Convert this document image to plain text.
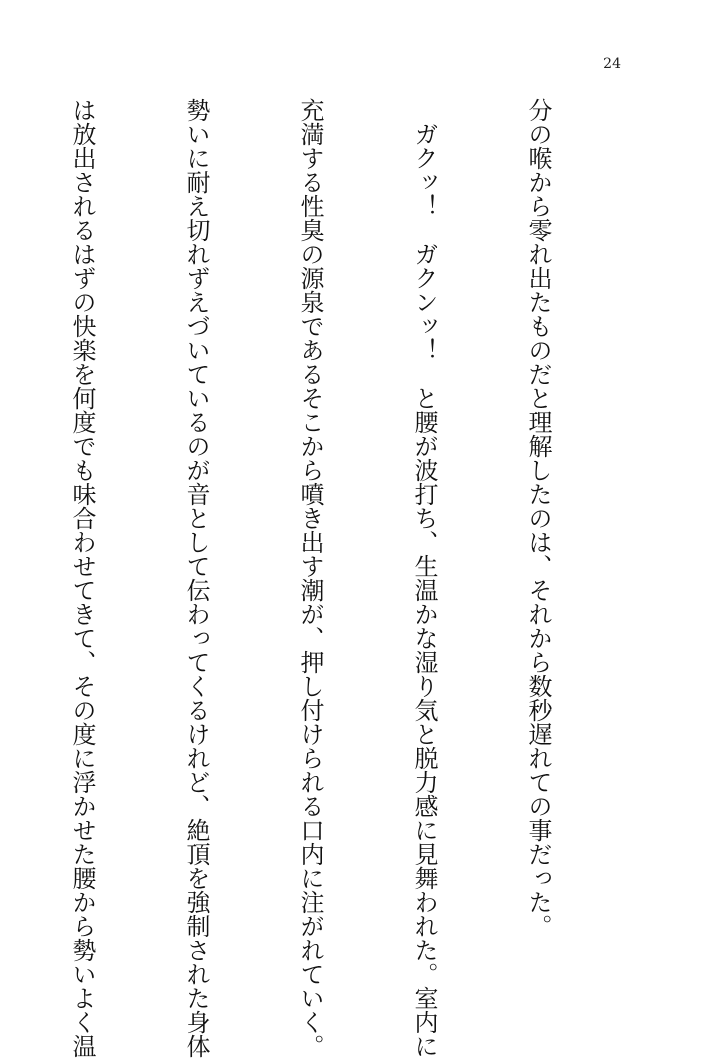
24

分の喉から零れ出たものだと理解したのは、それから数秒遅れての事だった。

ガクッ！　ガクンッ！　と腰が波打ち、生温かな湿り気と脱力感に見舞われた。室内に

充満する性臭の源泉であるそこから噴き出す潮が、押し付けられる口内に注がれていく。

勢いに耐え切れずえづいているのが音として伝わってくるけれど、絶頂を強制された身体

は放出されるはずの快楽を何度でも味合わせてきて、その度に浮かせた腰から勢いよく温
